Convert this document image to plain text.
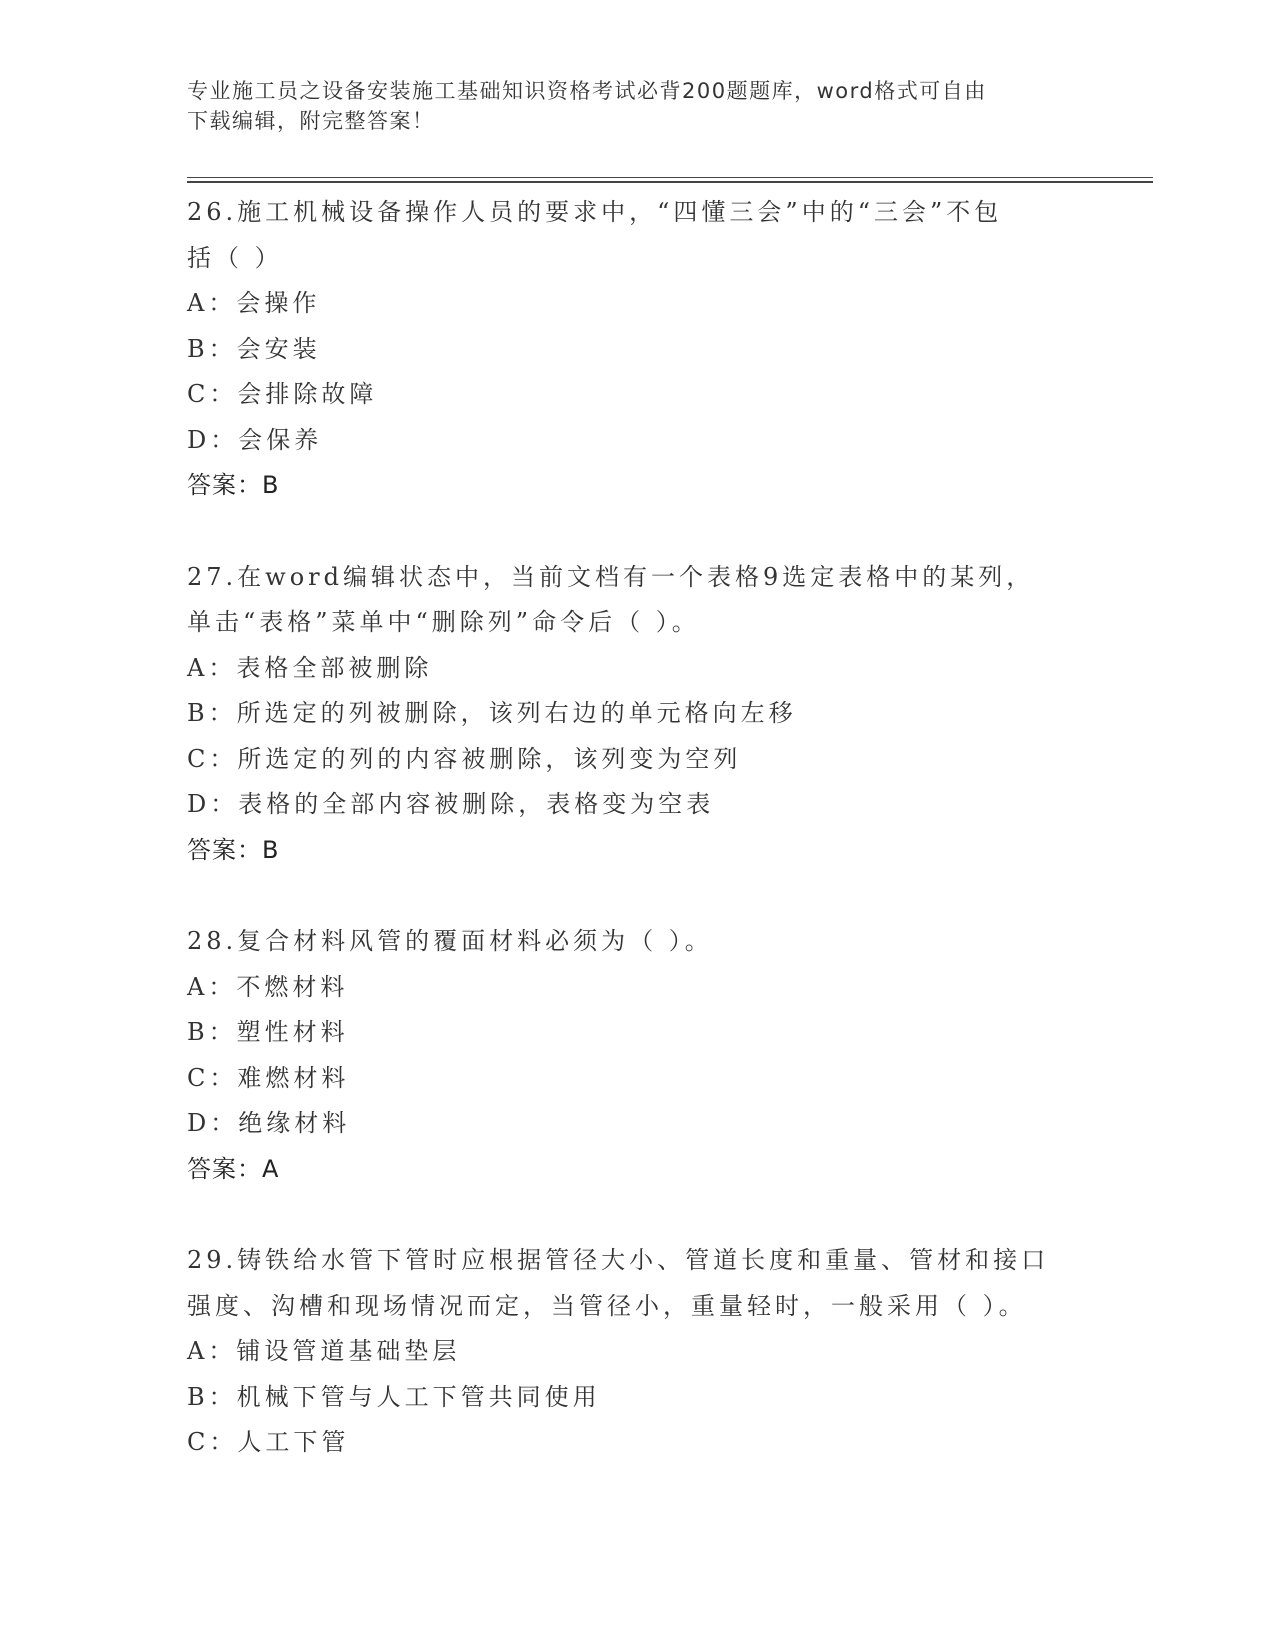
专业施工员之设备安装施工基础知识资格考试必背200题题库，word格式可自由
下载编辑，附完整答案！
26.施工机械设备操作人员的要求中，“四懂三会”中的“三会”不包
括（ ）
A：会操作
B：会安装
C：会排除故障
D：会保养
答案：B
27.在word编辑状态中，当前文档有一个表格9选定表格中的某列，
单击“表格”菜单中“删除列”命令后（ ）。
A：表格全部被删除
B：所选定的列被删除，该列右边的单元格向左移
C：所选定的列的内容被删除，该列变为空列
D：表格的全部内容被删除，表格变为空表
答案：B
28.复合材料风管的覆面材料必须为（ ）。
A：不燃材料
B：塑性材料
C：难燃材料
D：绝缘材料
答案：A
29.铸铁给水管下管时应根据管径大小、管道长度和重量、管材和接口
强度、沟槽和现场情况而定，当管径小，重量轻时，一般采用（ ）。
A：铺设管道基础垫层
B：机械下管与人工下管共同使用
C：人工下管
